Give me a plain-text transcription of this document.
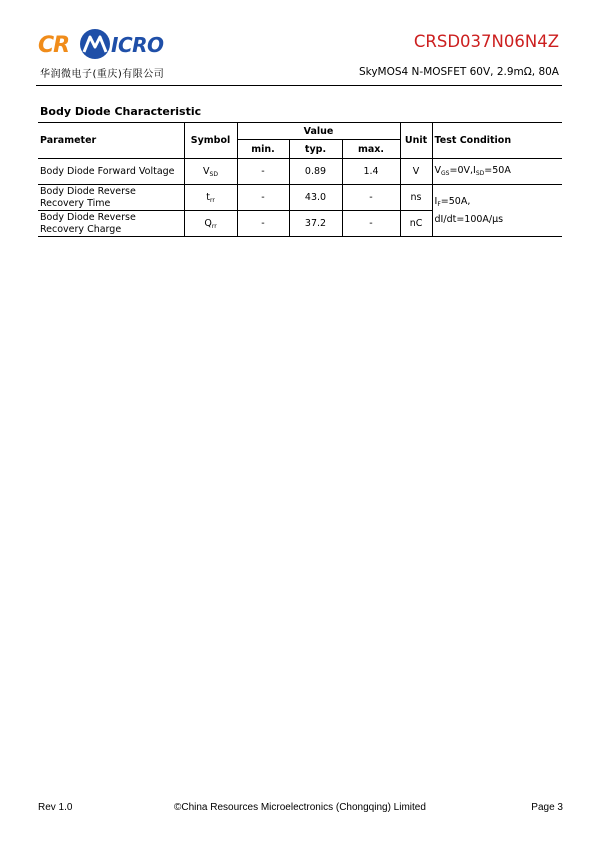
CR ICRO
华润微电子(重庆)有限公司
CRSD037N06N4Z
SkyMOS4 N-MOSFET 60V, 2.9mΩ, 80A
Body Diode Characteristic
Parameter	Symbol	Value			Unit	Test Condition
		min.	typ.	max.		
Body Diode Forward Voltage	$V_{SD}$	-	0.89	1.4	V	$V_{GS}=0V,I_{SD}=50A$
Body Diode Reverse Recovery Time	$t_{rr}$	-	43.0	-	ns	$I_F=50A$,
dI/dt=100A/μs
Body Diode Reverse Recovery Charge	$Q_{rr}$	-	37.2	-	nC	
Rev 1.0	©China Resources Microelectronics (Chongqing) Limited	Page 3
